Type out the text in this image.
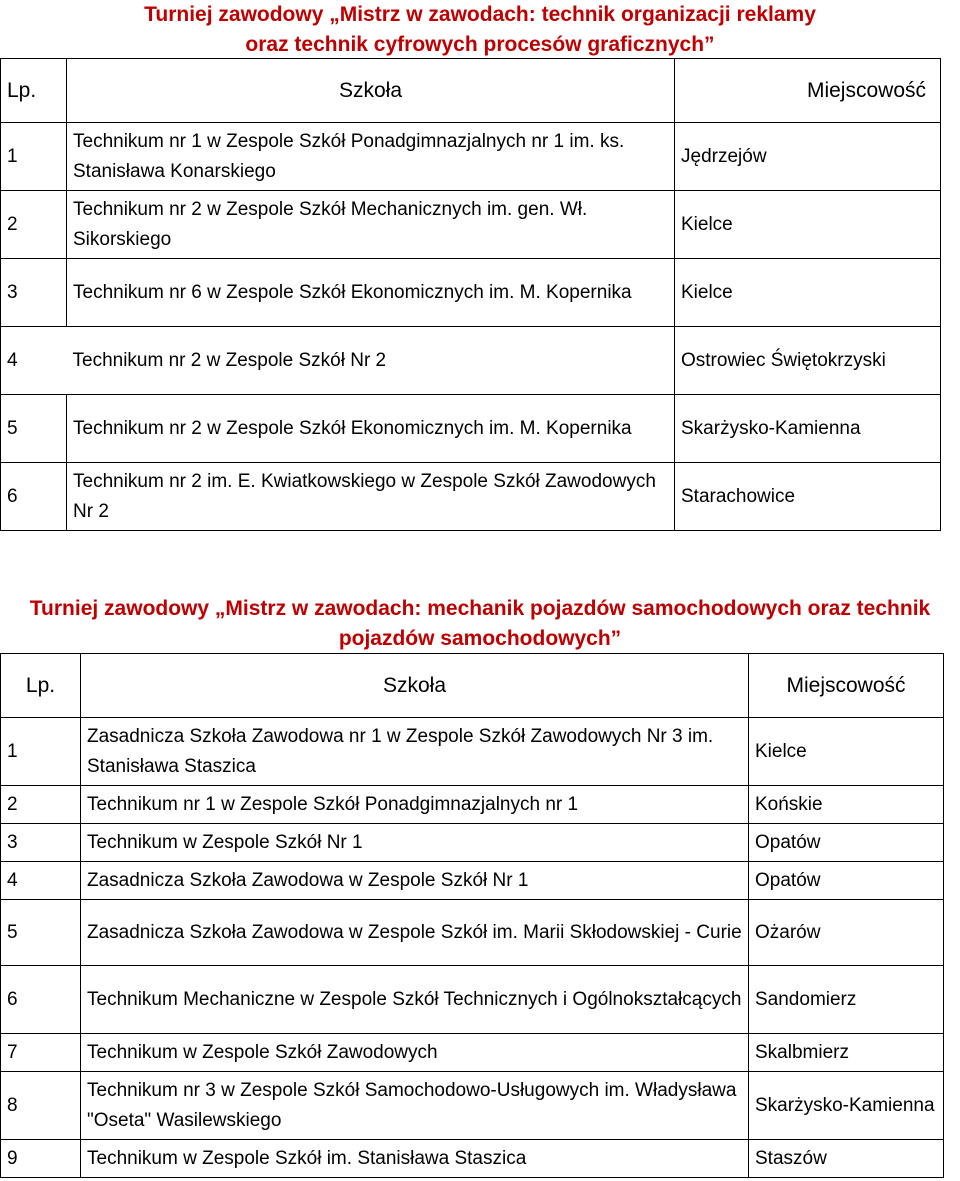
Turniej zawodowy „Mistrz w zawodach: technik organizacji reklamy
oraz technik cyfrowych procesów graficznych”
Lp.	Szkoła	Miejscowość
1	Technikum nr 1 w Zespole Szkół Ponadgimnazjalnych nr 1 im. ks. Stanisława Konarskiego	Jędrzejów
2	Technikum nr 2 w Zespole Szkół Mechanicznych im. gen. Wł. Sikorskiego	Kielce
3	Technikum nr 6 w Zespole Szkół Ekonomicznych im. M. Kopernika	Kielce
4	Technikum nr 2 w Zespole Szkół Nr 2	Ostrowiec Świętokrzyski
5	Technikum nr 2 w Zespole Szkół Ekonomicznych im. M. Kopernika	Skarżysko-Kamienna
6	Technikum nr 2 im. E. Kwiatkowskiego w Zespole Szkół Zawodowych Nr 2	Starachowice
Turniej zawodowy „Mistrz w zawodach: mechanik pojazdów samochodowych oraz technik
pojazdów samochodowych”
Lp.	Szkoła	Miejscowość
1	Zasadnicza Szkoła Zawodowa nr 1 w Zespole Szkół Zawodowych Nr 3 im. Stanisława Staszica	Kielce
2	Technikum nr 1 w Zespole Szkół Ponadgimnazjalnych nr 1	Końskie
3	Technikum w Zespole Szkół Nr 1	Opatów
4	Zasadnicza Szkoła Zawodowa w Zespole Szkół Nr 1	Opatów
5	Zasadnicza Szkoła Zawodowa w Zespole Szkół im. Marii Skłodowskiej - Curie	Ożarów
6	Technikum Mechaniczne w Zespole Szkół Technicznych i Ogólnokształcących	Sandomierz
7	Technikum w Zespole Szkół Zawodowych	Skalbmierz
8	Technikum nr 3 w Zespole Szkół Samochodowo-Usługowych im. Władysława "Oseta" Wasilewskiego	Skarżysko-Kamienna
9	Technikum w Zespole Szkół im. Stanisława Staszica	Staszów
